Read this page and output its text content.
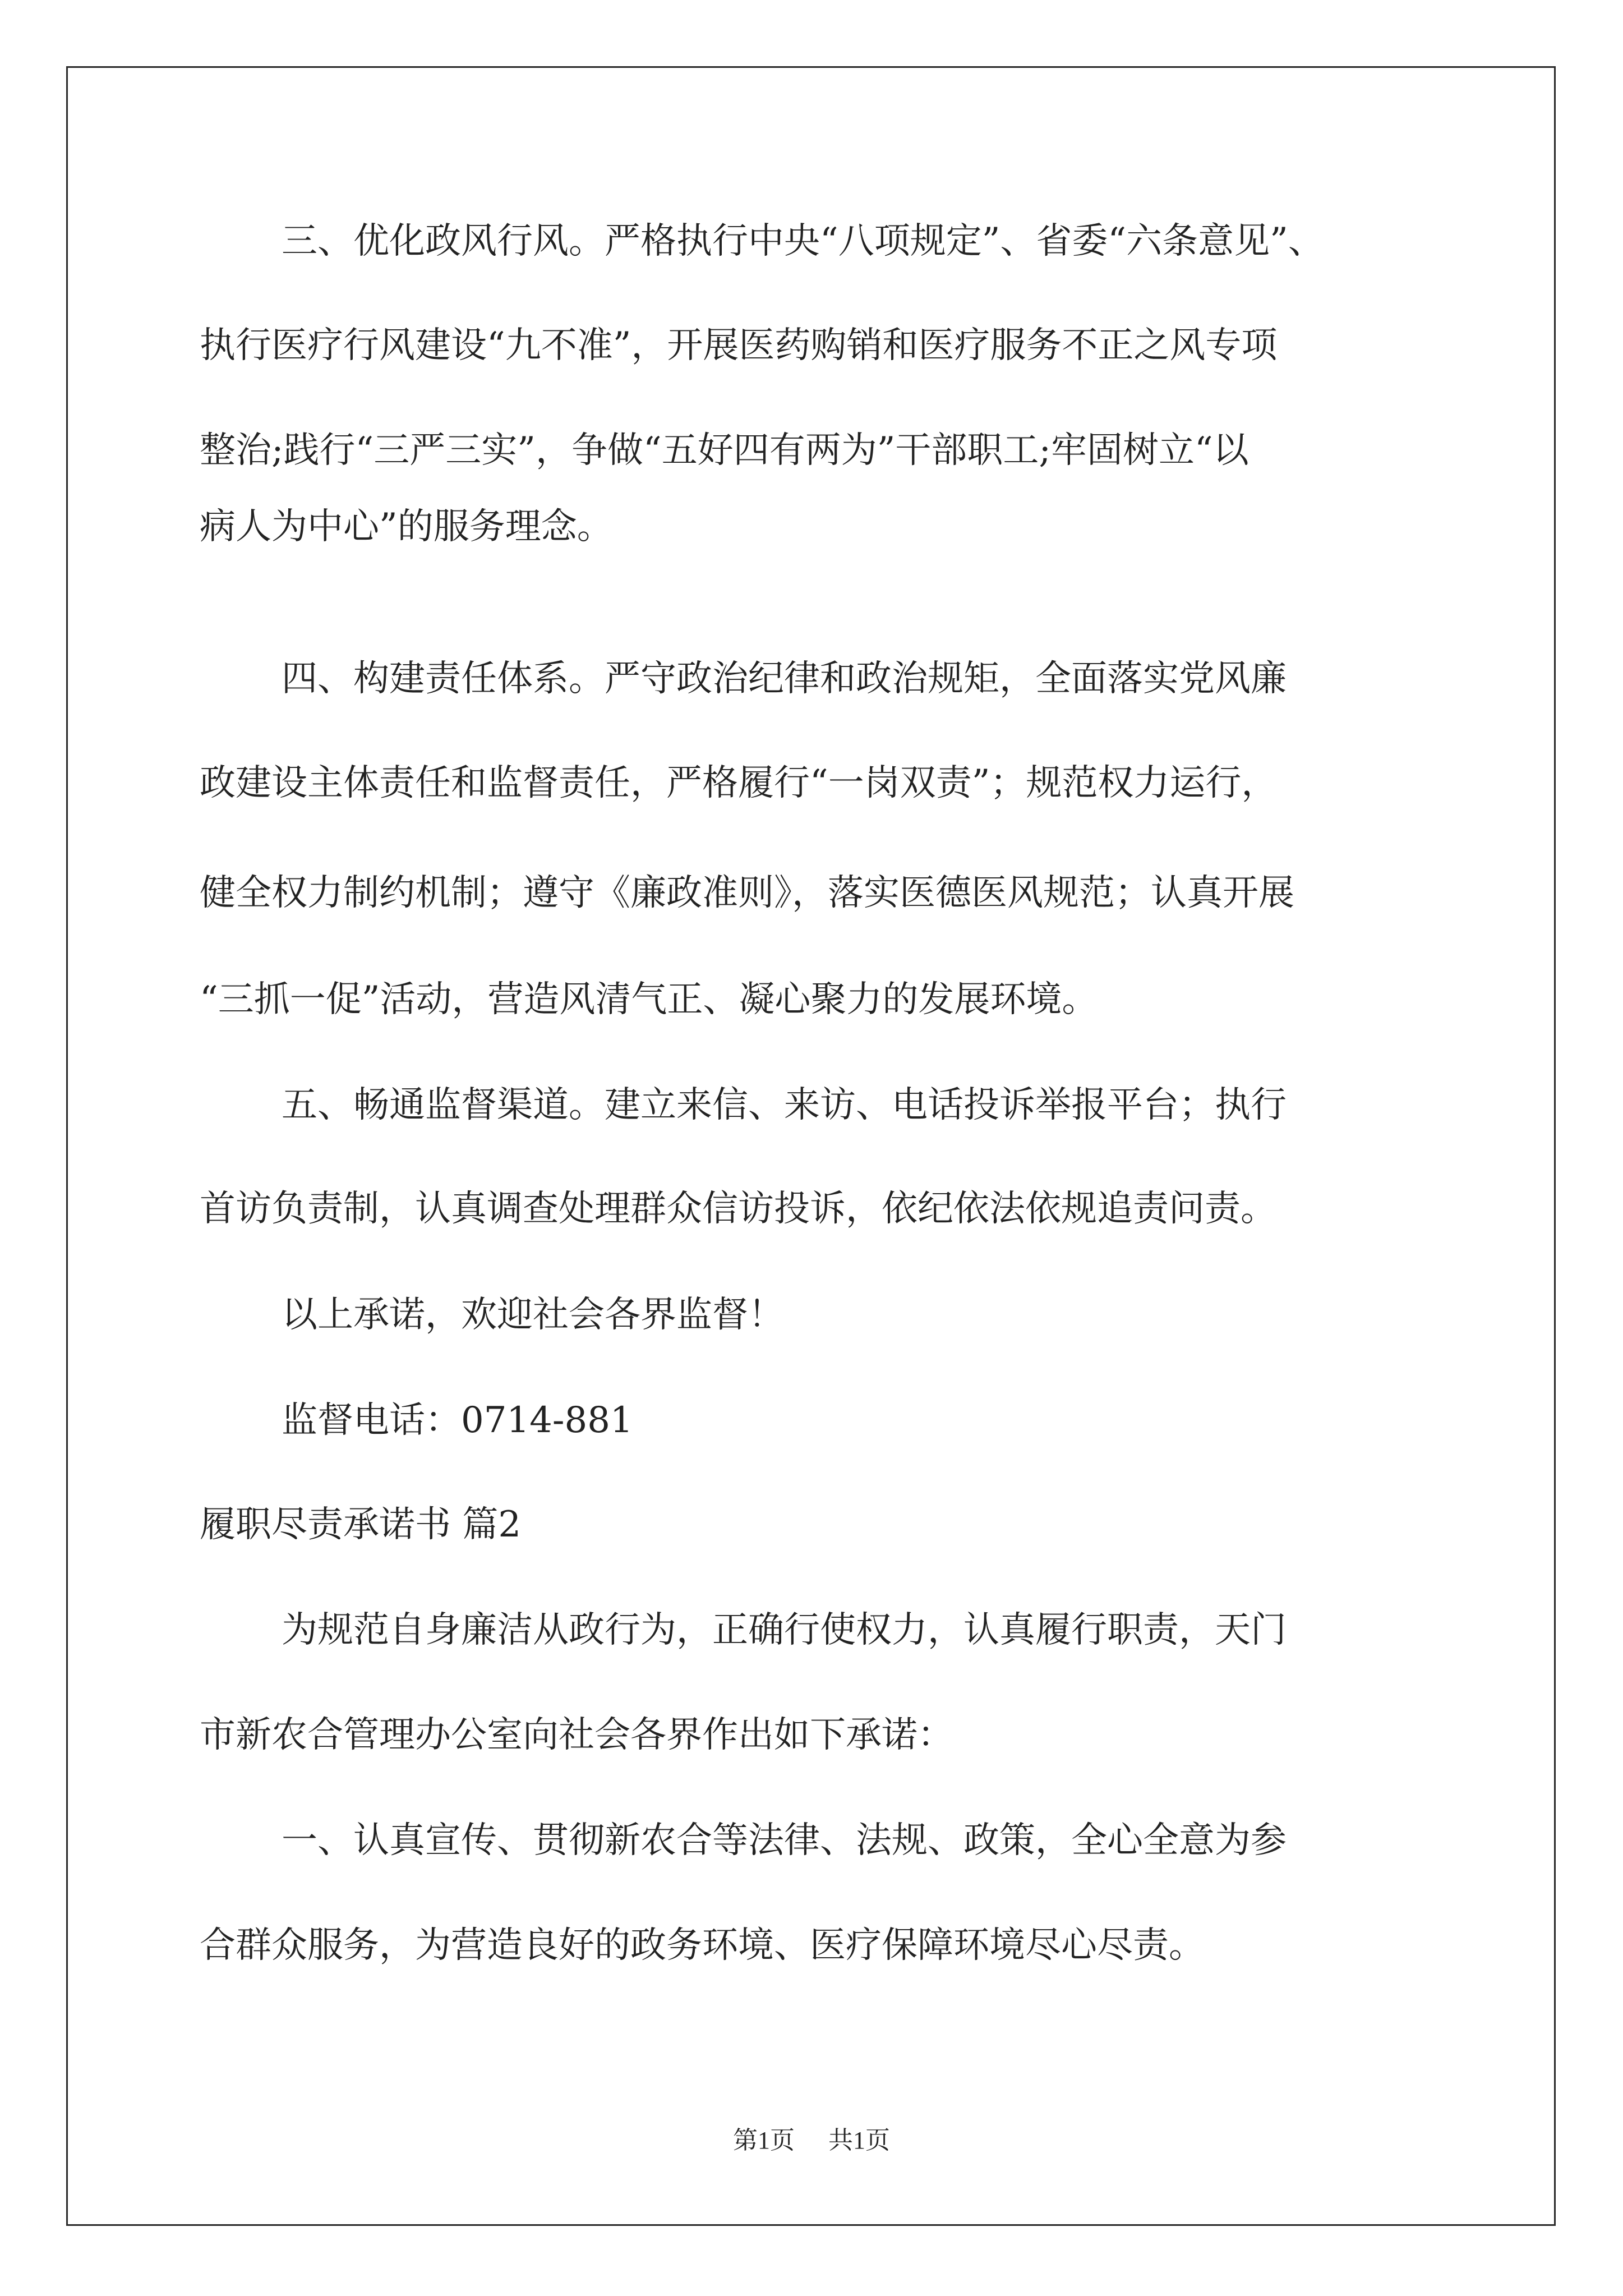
三、优化政风行风。严格执行中央“八项规定”、省委“六条意见”、

执行医疗行风建设“九不准”，开展医药购销和医疗服务不正之风专项

整治;践行“三严三实”，争做“五好四有两为”干部职工;牢固树立“以

病人为中心”的服务理念。

四、构建责任体系。严守政治纪律和政治规矩，全面落实党风廉

政建设主体责任和监督责任，严格履行“一岗双责”；规范权力运行，

健全权力制约机制；遵守《廉政准则》，落实医德医风规范；认真开展

“三抓一促”活动，营造风清气正、凝心聚力的发展环境。

五、畅通监督渠道。建立来信、来访、电话投诉举报平台；执行

首访负责制，认真调查处理群众信访投诉，依纪依法依规追责问责。

以上承诺，欢迎社会各界监督！

监督电话：0714-881

履职尽责承诺书 篇2

为规范自身廉洁从政行为，正确行使权力，认真履行职责，天门

市新农合管理办公室向社会各界作出如下承诺：

一、认真宣传、贯彻新农合等法律、法规、政策，全心全意为参

合群众服务，为营造良好的政务环境、医疗保障环境尽心尽责。

第1页 共1页
